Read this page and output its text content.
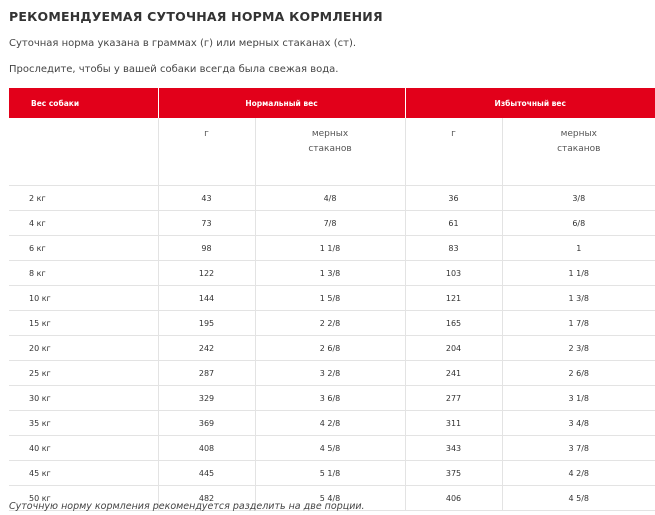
РЕКОМЕНДУЕМАЯ СУТОЧНАЯ НОРМА КОРМЛЕНИЯ
Суточная норма указана в граммах (г) или мерных стаканах (ст).
Проследите, чтобы у вашей собаки всегда была свежая вода.
Вес собаки	Нормальный вес		Избыточный вес	
	г	мерных стаканов	г	мерных стаканов

2 кг	43	4/8	36	3/8
4 кг	73	7/8	61	6/8
6 кг	98	1 1/8	83	1
8 кг	122	1 3/8	103	1 1/8
10 кг	144	1 5/8	121	1 3/8
15 кг	195	2 2/8	165	1 7/8
20 кг	242	2 6/8	204	2 3/8
25 кг	287	3 2/8	241	2 6/8
30 кг	329	3 6/8	277	3 1/8
35 кг	369	4 2/8	311	3 4/8
40 кг	408	4 5/8	343	3 7/8
45 кг	445	5 1/8	375	4 2/8
50 кг	482	5 4/8	406	4 5/8
Суточную норму кормления рекомендуется разделить на две порции.
